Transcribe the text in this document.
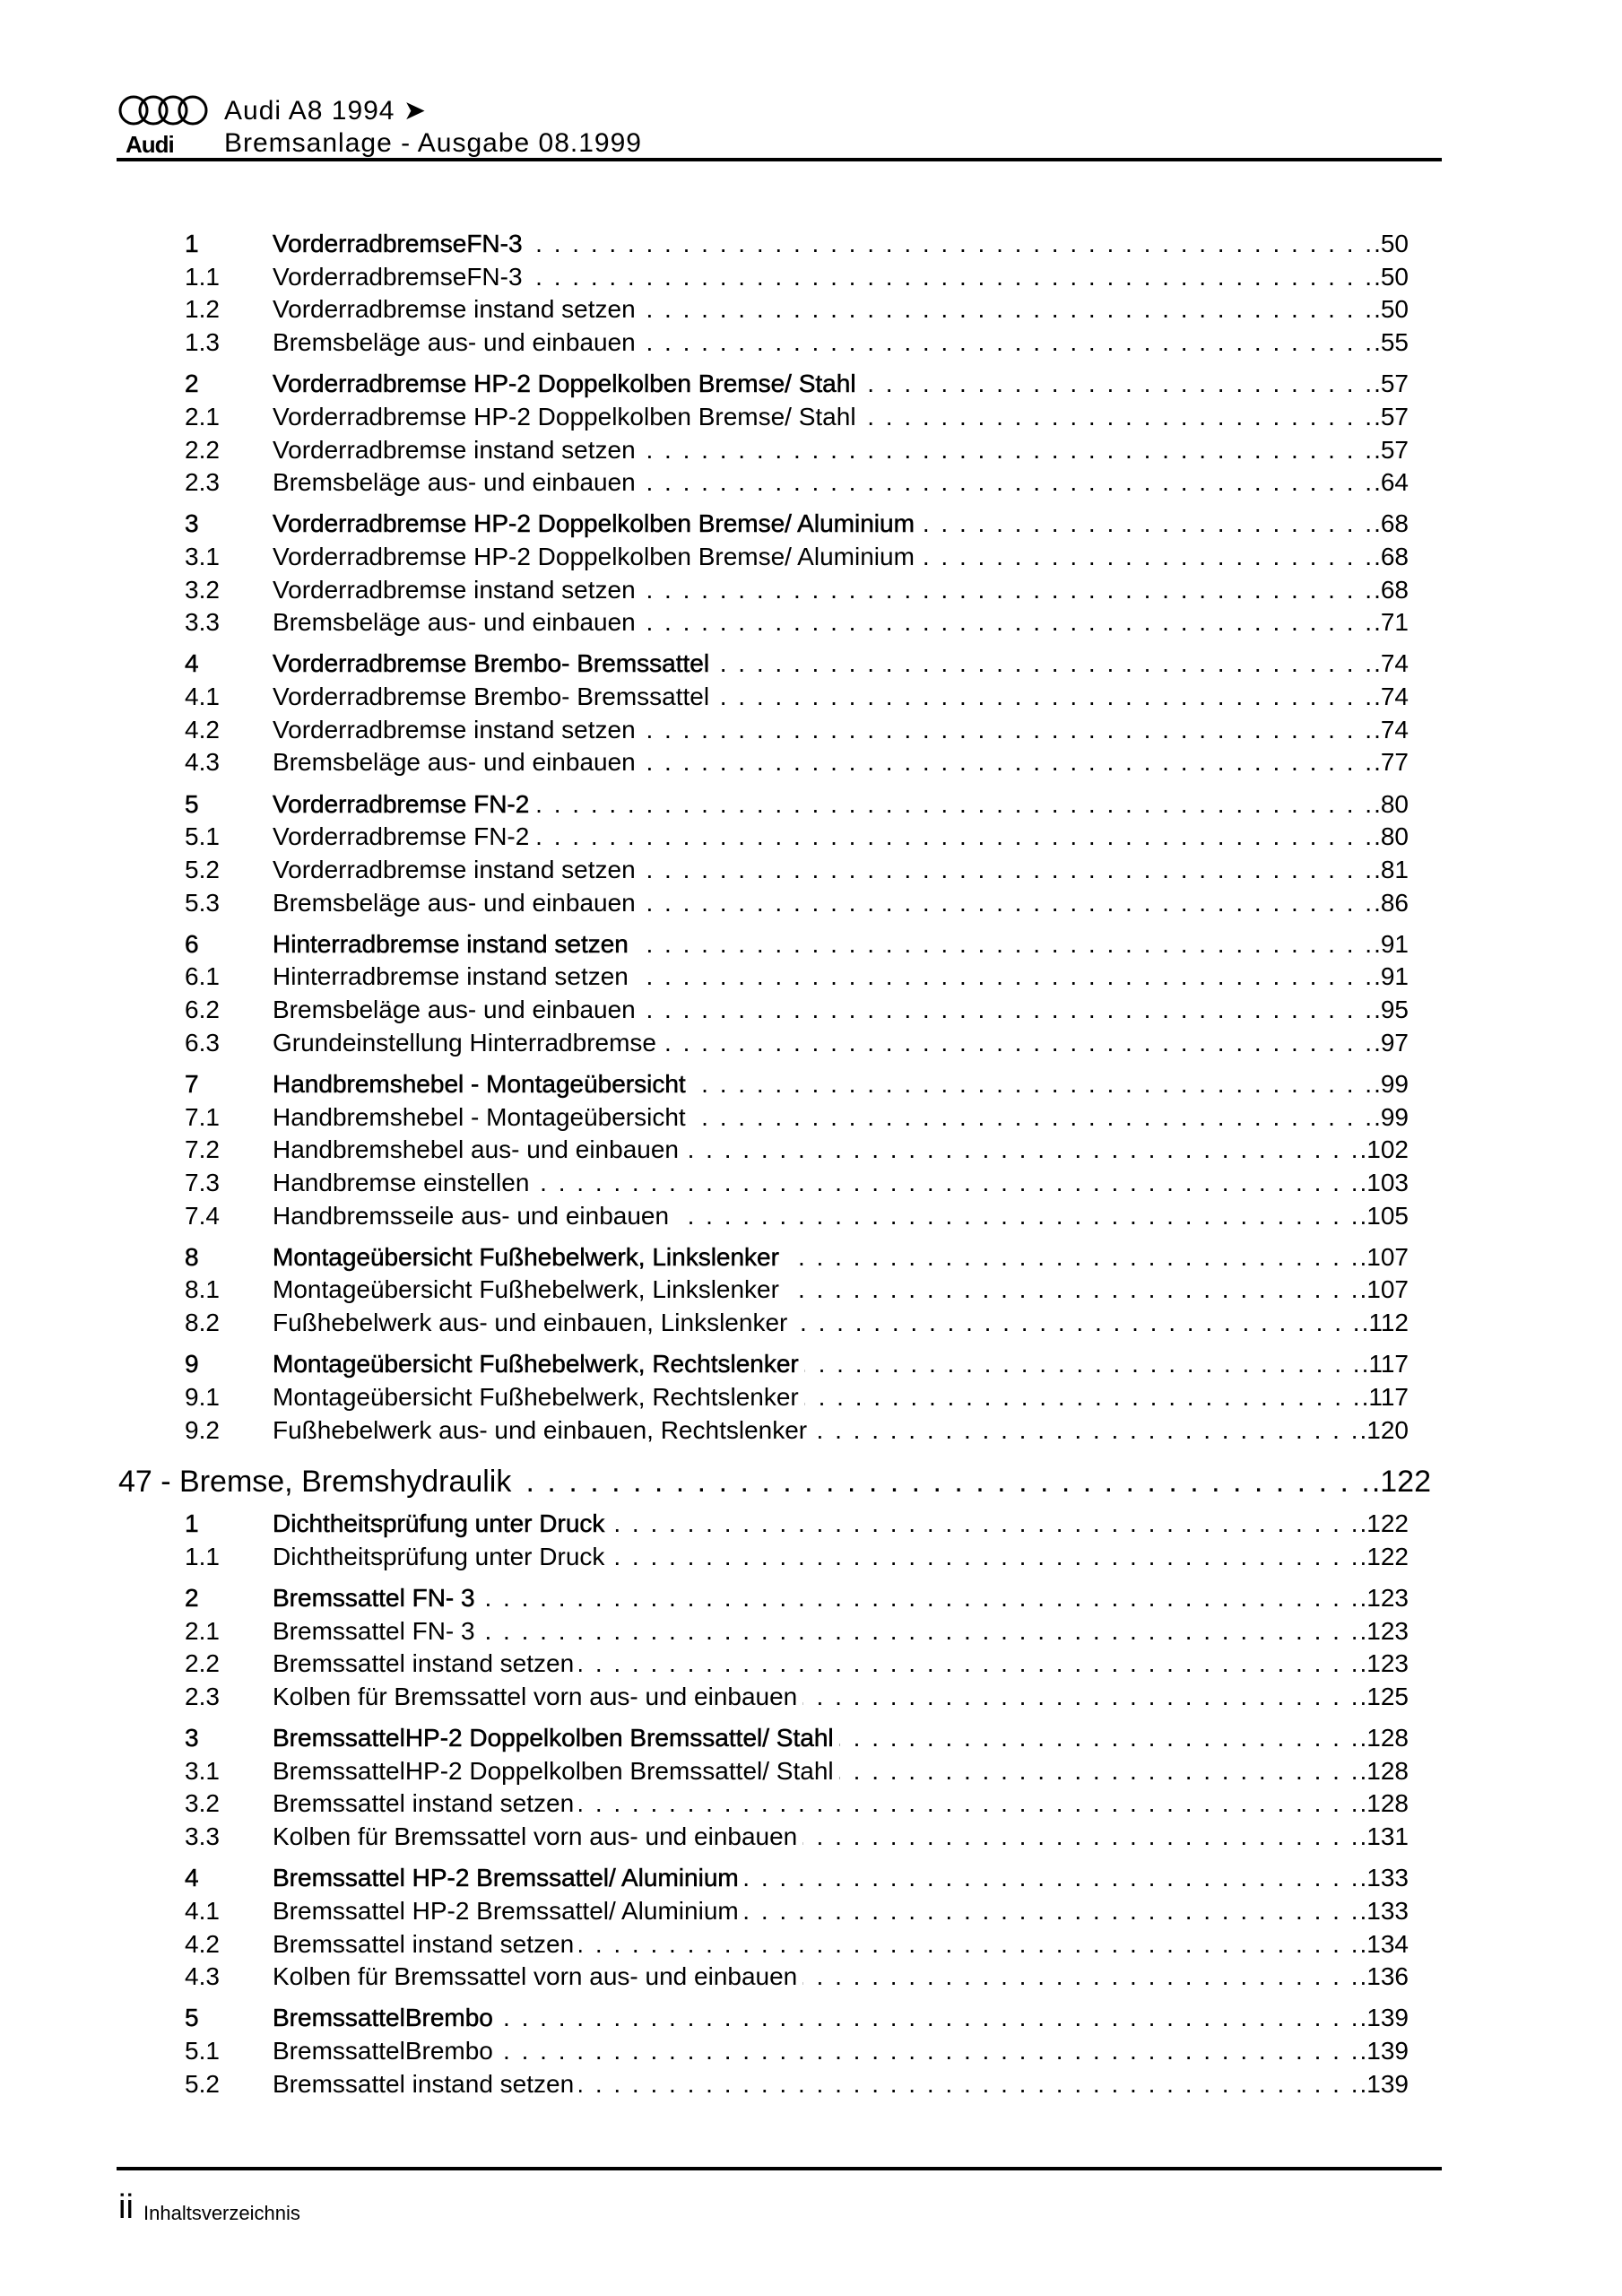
Audi
Audi A8 1994 ➤
Bremsanlage - Ausgabe 08.1999
1	VorderradbremseFN-3 . . .	.50
1.1	VorderradbremseFN-3 . . .	.50
1.2	Vorderradbremse instand setzen . . .	.50
1.3	Bremsbeläge aus- und einbauen . . .	.55
2	Vorderradbremse HP-2 Doppelkolben Bremse/ Stahl . . .	.57
2.1	Vorderradbremse HP-2 Doppelkolben Bremse/ Stahl . . .	.57
2.2	Vorderradbremse instand setzen . . .	.57
2.3	Bremsbeläge aus- und einbauen . . .	.64
3	Vorderradbremse HP-2 Doppelkolben Bremse/ Aluminium . . .	.68
3.1	Vorderradbremse HP-2 Doppelkolben Bremse/ Aluminium . . .	.68
3.2	Vorderradbremse instand setzen . . .	.68
3.3	Bremsbeläge aus- und einbauen . . .	.71
4	Vorderradbremse Brembo- Bremssattel . . .	.74
4.1	Vorderradbremse Brembo- Bremssattel . . .	.74
4.2	Vorderradbremse instand setzen . . .	.74
4.3	Bremsbeläge aus- und einbauen . . .	.77
5	Vorderradbremse FN-2 . . .	.80
5.1	Vorderradbremse FN-2 . . .	.80
5.2	Vorderradbremse instand setzen . . .	.81
5.3	Bremsbeläge aus- und einbauen . . .	.86
6	Hinterradbremse instand setzen . . .	.91
6.1	Hinterradbremse instand setzen . . .	.91
6.2	Bremsbeläge aus- und einbauen . . .	.95
6.3	Grundeinstellung Hinterradbremse . . .	.97
7	Handbremshebel - Montageübersicht . . .	.99
7.1	Handbremshebel - Montageübersicht . . .	.99
7.2	Handbremshebel aus- und einbauen . . .	.102
7.3	Handbremse einstellen . . .	.103
7.4	Handbremsseile aus- und einbauen . . .	.105
8	Montageübersicht Fußhebelwerk, Linkslenker . . .	.107
8.1	Montageübersicht Fußhebelwerk, Linkslenker . . .	.107
8.2	Fußhebelwerk aus- und einbauen, Linkslenker . . .	.112
9	Montageübersicht Fußhebelwerk, Rechtslenker . . .	.117
9.1	Montageübersicht Fußhebelwerk, Rechtslenker . . .	.117
9.2	Fußhebelwerk aus- und einbauen, Rechtslenker . . .	.120
47 - Bremse, Bremshydraulik . . .	.122
1	Dichtheitsprüfung unter Druck . . .	.122
1.1	Dichtheitsprüfung unter Druck . . .	.122
2	Bremssattel FN- 3 . . .	.123
2.1	Bremssattel FN- 3 . . .	.123
2.2	Bremssattel instand setzen . . .	.123
2.3	Kolben für Bremssattel vorn aus- und einbauen . . .	.125
3	BremssattelHP-2 Doppelkolben Bremssattel/ Stahl . . .	.128
3.1	BremssattelHP-2 Doppelkolben Bremssattel/ Stahl . . .	.128
3.2	Bremssattel instand setzen . . .	.128
3.3	Kolben für Bremssattel vorn aus- und einbauen . . .	.131
4	Bremssattel HP-2 Bremssattel/ Aluminium . . .	.133
4.1	Bremssattel HP-2 Bremssattel/ Aluminium . . .	.133
4.2	Bremssattel instand setzen . . .	.134
4.3	Kolben für Bremssattel vorn aus- und einbauen . . .	.136
5	BremssattelBrembo . . .	.139
5.1	BremssattelBrembo . . .	.139
5.2	Bremssattel instand setzen . . .	.139
ii Inhaltsverzeichnis
